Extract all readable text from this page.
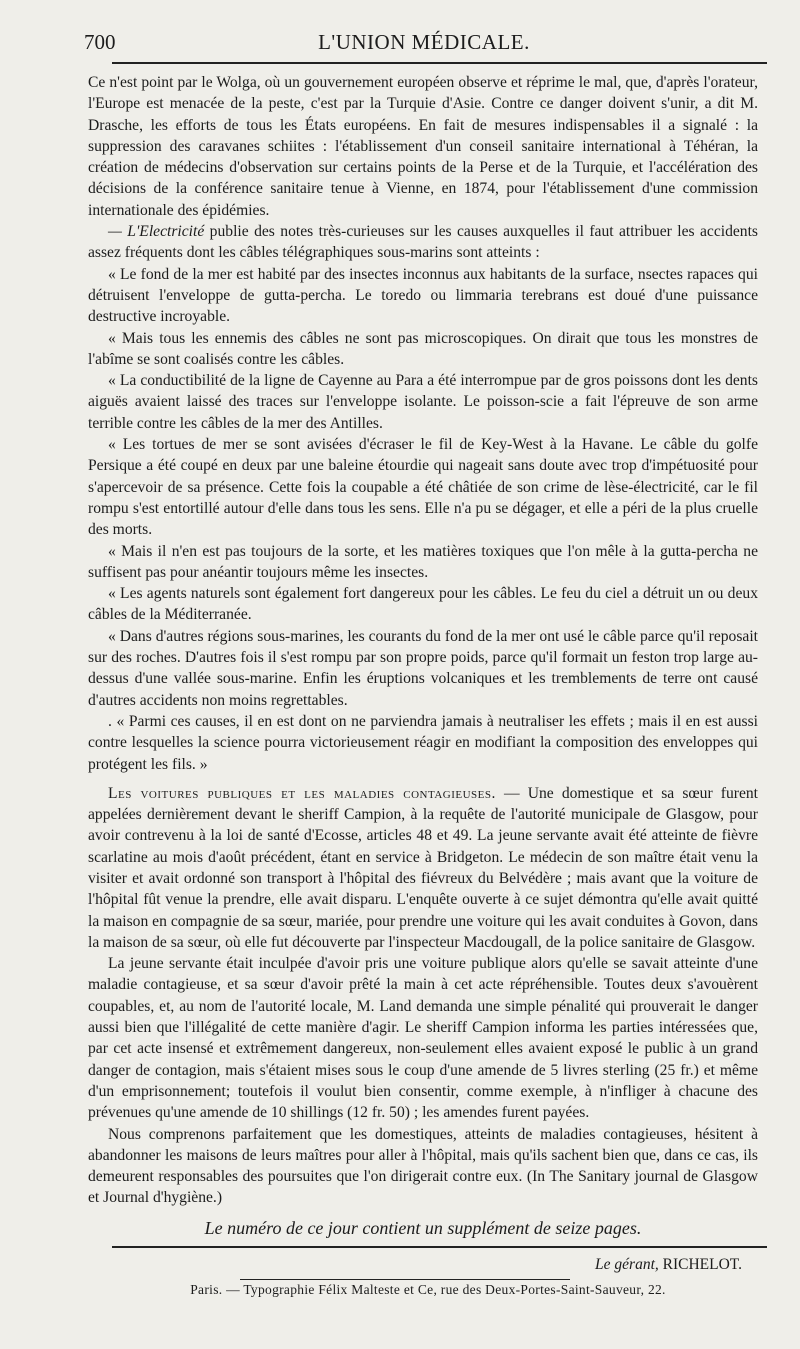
700	L'UNION MÉDICALE.

Ce n'est point par le Wolga, où un gouvernement européen observe et réprime le mal, que, d'après l'orateur, l'Europe est menacée de la peste, c'est par la Turquie d'Asie. Contre ce danger doivent s'unir, a dit M. Drasche, les efforts de tous les États européens. En fait de mesures indispensables il a signalé : la suppression des caravanes schiites : l'établissement d'un conseil sanitaire international à Téhéran, la création de médecins d'observation sur certains points de la Perse et de la Turquie, et l'accélération des décisions de la conférence sanitaire tenue à Vienne, en 1874, pour l'établissement d'une commission internationale des épidémies.

— L'Electricité publie des notes très-curieuses sur les causes auxquelles il faut attribuer les accidents assez fréquents dont les câbles télégraphiques sous-marins sont atteints :

« Le fond de la mer est habité par des insectes inconnus aux habitants de la surface, nsectes rapaces qui détruisent l'enveloppe de gutta-percha. Le toredo ou limmaria terebrans est doué d'une puissance destructive incroyable.

« Mais tous les ennemis des câbles ne sont pas microscopiques. On dirait que tous les monstres de l'abîme se sont coalisés contre les câbles.

« La conductibilité de la ligne de Cayenne au Para a été interrompue par de gros poissons dont les dents aiguës avaient laissé des traces sur l'enveloppe isolante. Le poisson-scie a fait l'épreuve de son arme terrible contre les câbles de la mer des Antilles.

« Les tortues de mer se sont avisées d'écraser le fil de Key-West à la Havane. Le câble du golfe Persique a été coupé en deux par une baleine étourdie qui nageait sans doute avec trop d'impétuosité pour s'apercevoir de sa présence. Cette fois la coupable a été châtiée de son crime de lèse-électricité, car le fil rompu s'est entortillé autour d'elle dans tous les sens. Elle n'a pu se dégager, et elle a péri de la plus cruelle des morts.

« Mais il n'en est pas toujours de la sorte, et les matières toxiques que l'on mêle à la gutta-percha ne suffisent pas pour anéantir toujours même les insectes.

« Les agents naturels sont également fort dangereux pour les câbles. Le feu du ciel a détruit un ou deux câbles de la Méditerranée.

« Dans d'autres régions sous-marines, les courants du fond de la mer ont usé le câble parce qu'il reposait sur des roches. D'autres fois il s'est rompu par son propre poids, parce qu'il formait un feston trop large au-dessus d'une vallée sous-marine. Enfin les éruptions volcaniques et les tremblements de terre ont causé d'autres accidents non moins regrettables.

. « Parmi ces causes, il en est dont on ne parviendra jamais à neutraliser les effets ; mais il en est aussi contre lesquelles la science pourra victorieusement réagir en modifiant la composition des enveloppes qui protégent les fils. »

Les voitures publiques et les maladies contagieuses. — Une domestique et sa sœur furent appelées dernièrement devant le sheriff Campion, à la requête de l'autorité municipale de Glasgow, pour avoir contrevenu à la loi de santé d'Ecosse, articles 48 et 49. La jeune servante avait été atteinte de fièvre scarlatine au mois d'août précédent, étant en service à Bridgeton. Le médecin de son maître était venu la visiter et avait ordonné son transport à l'hôpital des fiévreux du Belvédère ; mais avant que la voiture de l'hôpital fût venue la prendre, elle avait disparu. L'enquête ouverte à ce sujet démontra qu'elle avait quitté la maison en compagnie de sa sœur, mariée, pour prendre une voiture qui les avait conduites à Govon, dans la maison de sa sœur, où elle fut découverte par l'inspecteur Macdougall, de la police sanitaire de Glasgow.

La jeune servante était inculpée d'avoir pris une voiture publique alors qu'elle se savait atteinte d'une maladie contagieuse, et sa sœur d'avoir prêté la main à cet acte répréhensible. Toutes deux s'avouèrent coupables, et, au nom de l'autorité locale, M. Land demanda une simple pénalité qui prouverait le danger aussi bien que l'illégalité de cette manière d'agir. Le sheriff Campion informa les parties intéressées que, par cet acte insensé et extrêmement dangereux, non-seulement elles avaient exposé le public à un grand danger de contagion, mais s'étaient mises sous le coup d'une amende de 5 livres sterling (25 fr.) et même d'un emprisonnement; toutefois il voulut bien consentir, comme exemple, à n'infliger à chacune des prévenues qu'une amende de 10 shillings (12 fr. 50) ; les amendes furent payées.

Nous comprenons parfaitement que les domestiques, atteints de maladies contagieuses, hésitent à abandonner les maisons de leurs maîtres pour aller à l'hôpital, mais qu'ils sachent bien que, dans ce cas, ils demeurent responsables des poursuites que l'on dirigerait contre eux. (In The Sanitary journal de Glasgow et Journal d'hygiène.)

Le numéro de ce jour contient un supplément de seize pages.
Le gérant, RICHELOT.
Paris. — Typographie Félix Malteste et Ce, rue des Deux-Portes-Saint-Sauveur, 22.
